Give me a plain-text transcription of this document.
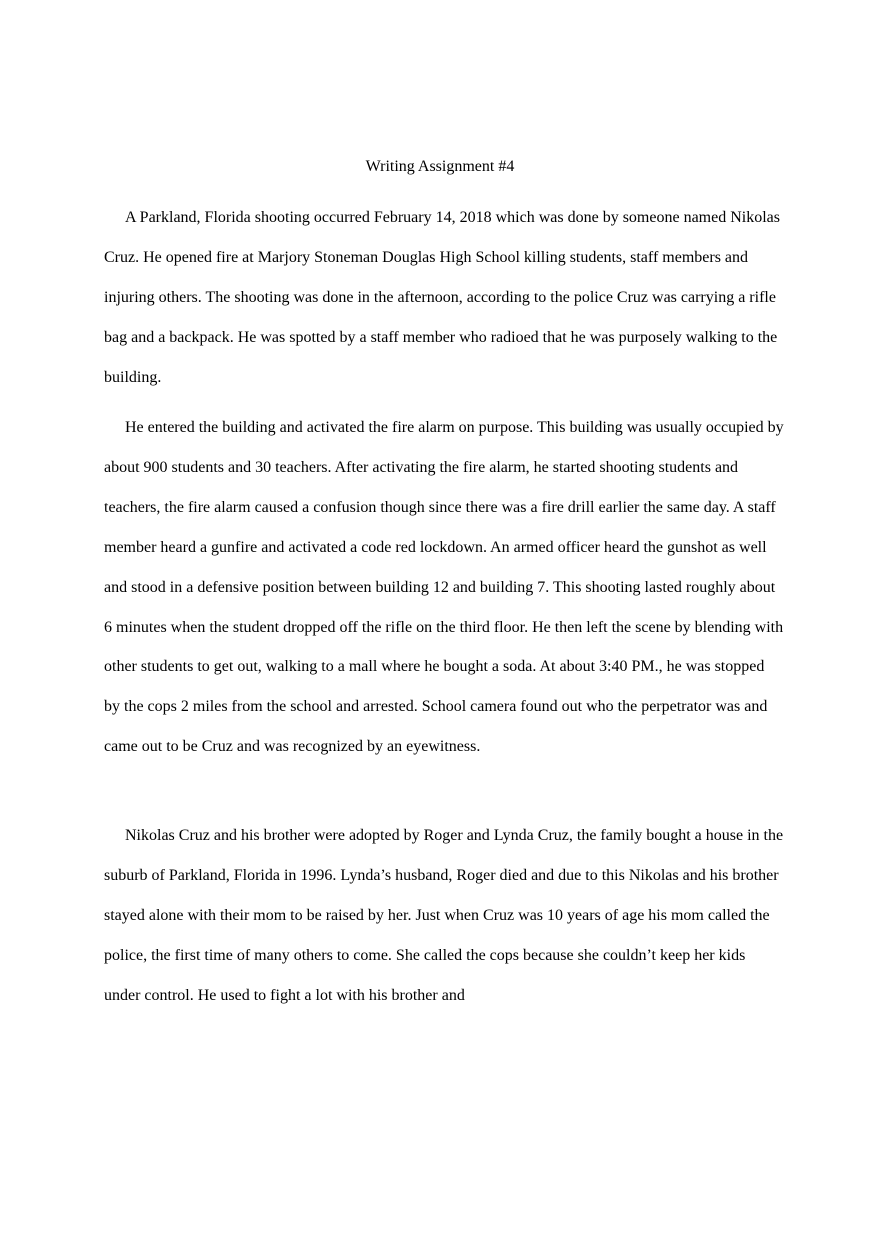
Writing Assignment #4

A Parkland, Florida shooting occurred February 14, 2018 which was done by someone named Nikolas Cruz. He opened fire at Marjory Stoneman Douglas High School killing students, staff members and injuring others. The shooting was done in the afternoon, according to the police Cruz was carrying a rifle bag and a backpack. He was spotted by a staff member who radioed that he was purposely walking to the building.

He entered the building and activated the fire alarm on purpose. This building was usually occupied by about 900 students and 30 teachers. After activating the fire alarm, he started shooting students and teachers, the fire alarm caused a confusion though since there was a fire drill earlier the same day. A staff member heard a gunfire and activated a code red lockdown. An armed officer heard the gunshot as well and stood in a defensive position between building 12 and building 7. This shooting lasted roughly about 6 minutes when the student dropped off the rifle on the third floor. He then left the scene by blending with other students to get out, walking to a mall where he bought a soda. At about 3:40 PM., he was stopped by the cops 2 miles from the school and arrested. School camera found out who the perpetrator was and came out to be Cruz and was recognized by an eyewitness.

Nikolas Cruz and his brother were adopted by Roger and Lynda Cruz, the family bought a house in the suburb of Parkland, Florida in 1996. Lynda’s husband, Roger died and due to this Nikolas and his brother stayed alone with their mom to be raised by her. Just when Cruz was 10 years of age his mom called the police, the first time of many others to come. She called the cops because she couldn’t keep her kids under control. He used to fight a lot with his brother and
